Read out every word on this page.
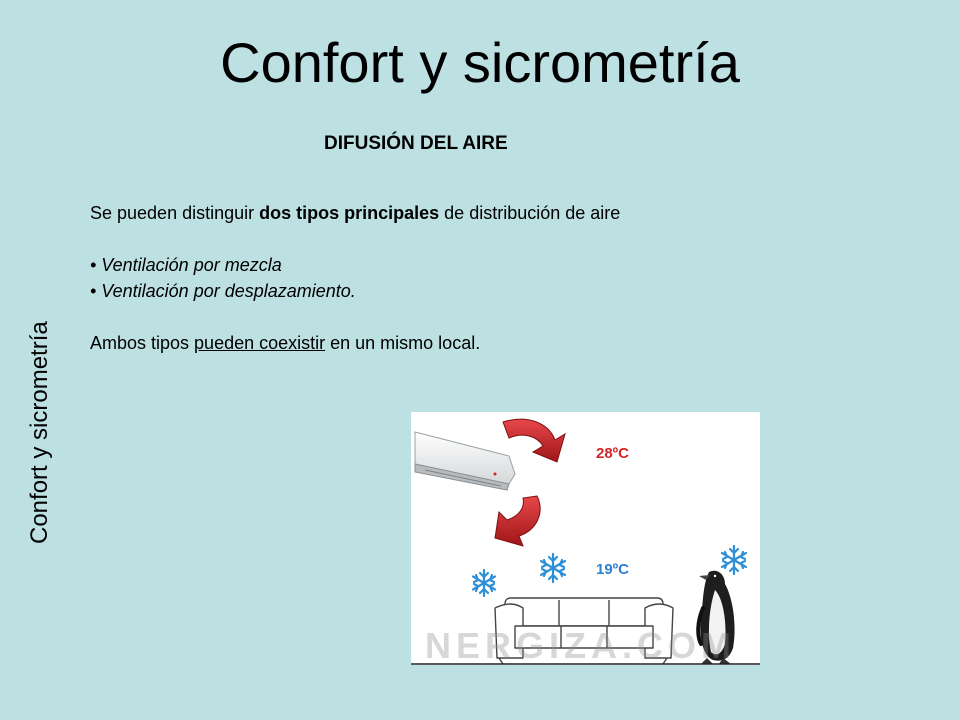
Confort y sicrometría
Confort y sicrometría
DIFUSIÓN DEL AIRE

Se pueden distinguir dos tipos principales de distribución de aire

• Ventilación por mezcla

• Ventilación por desplazamiento.

Ambos tipos pueden coexistir en un mismo local.

28ºC
19ºC
NERGIZA.COM
